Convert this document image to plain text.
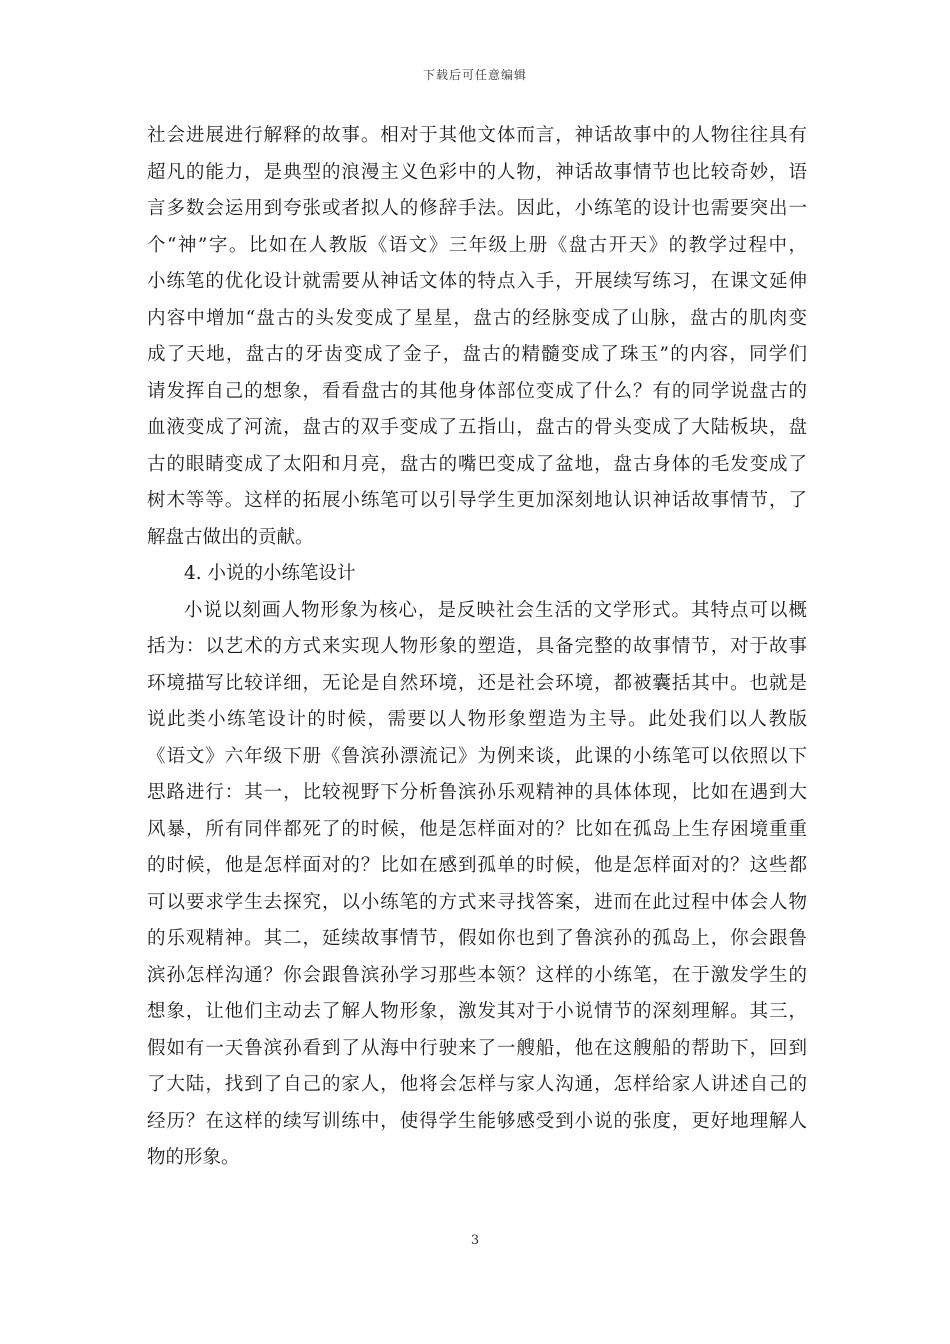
下载后可任意编辑
社会进展进行解释的故事。相对于其他文体而言，神话故事中的人物往往具有
超凡的能力，是典型的浪漫主义色彩中的人物，神话故事情节也比较奇妙，语
言多数会运用到夸张或者拟人的修辞手法。因此，小练笔的设计也需要突出一
个“神”字。比如在人教版《语文》三年级上册《盘古开天》的教学过程中，
小练笔的优化设计就需要从神话文体的特点入手，开展续写练习，在课文延伸
内容中增加“盘古的头发变成了星星，盘古的经脉变成了山脉，盘古的肌肉变
成了天地，盘古的牙齿变成了金子，盘古的精髓变成了珠玉”的内容，同学们
请发挥自己的想象，看看盘古的其他身体部位变成了什么？有的同学说盘古的
血液变成了河流，盘古的双手变成了五指山，盘古的骨头变成了大陆板块，盘
古的眼睛变成了太阳和月亮，盘古的嘴巴变成了盆地，盘古身体的毛发变成了
树木等等。这样的拓展小练笔可以引导学生更加深刻地认识神话故事情节，了
解盘古做出的贡献。
4. 小说的小练笔设计
小说以刻画人物形象为核心，是反映社会生活的文学形式。其特点可以概
括为：以艺术的方式来实现人物形象的塑造，具备完整的故事情节，对于故事
环境描写比较详细，无论是自然环境，还是社会环境，都被囊括其中。也就是
说此类小练笔设计的时候，需要以人物形象塑造为主导。此处我们以人教版
《语文》六年级下册《鲁滨孙漂流记》为例来谈，此课的小练笔可以依照以下
思路进行：其一，比较视野下分析鲁滨孙乐观精神的具体体现，比如在遇到大
风暴，所有同伴都死了的时候，他是怎样面对的？比如在孤岛上生存困境重重
的时候，他是怎样面对的？比如在感到孤单的时候，他是怎样面对的？这些都
可以要求学生去探究，以小练笔的方式来寻找答案，进而在此过程中体会人物
的乐观精神。其二，延续故事情节，假如你也到了鲁滨孙的孤岛上，你会跟鲁
滨孙怎样沟通？你会跟鲁滨孙学习那些本领？这样的小练笔，在于激发学生的
想象，让他们主动去了解人物形象，激发其对于小说情节的深刻理解。其三，
假如有一天鲁滨孙看到了从海中行驶来了一艘船，他在这艘船的帮助下，回到
了大陆，找到了自己的家人，他将会怎样与家人沟通，怎样给家人讲述自己的
经历？在这样的续写训练中，使得学生能够感受到小说的张度，更好地理解人
物的形象。
3
